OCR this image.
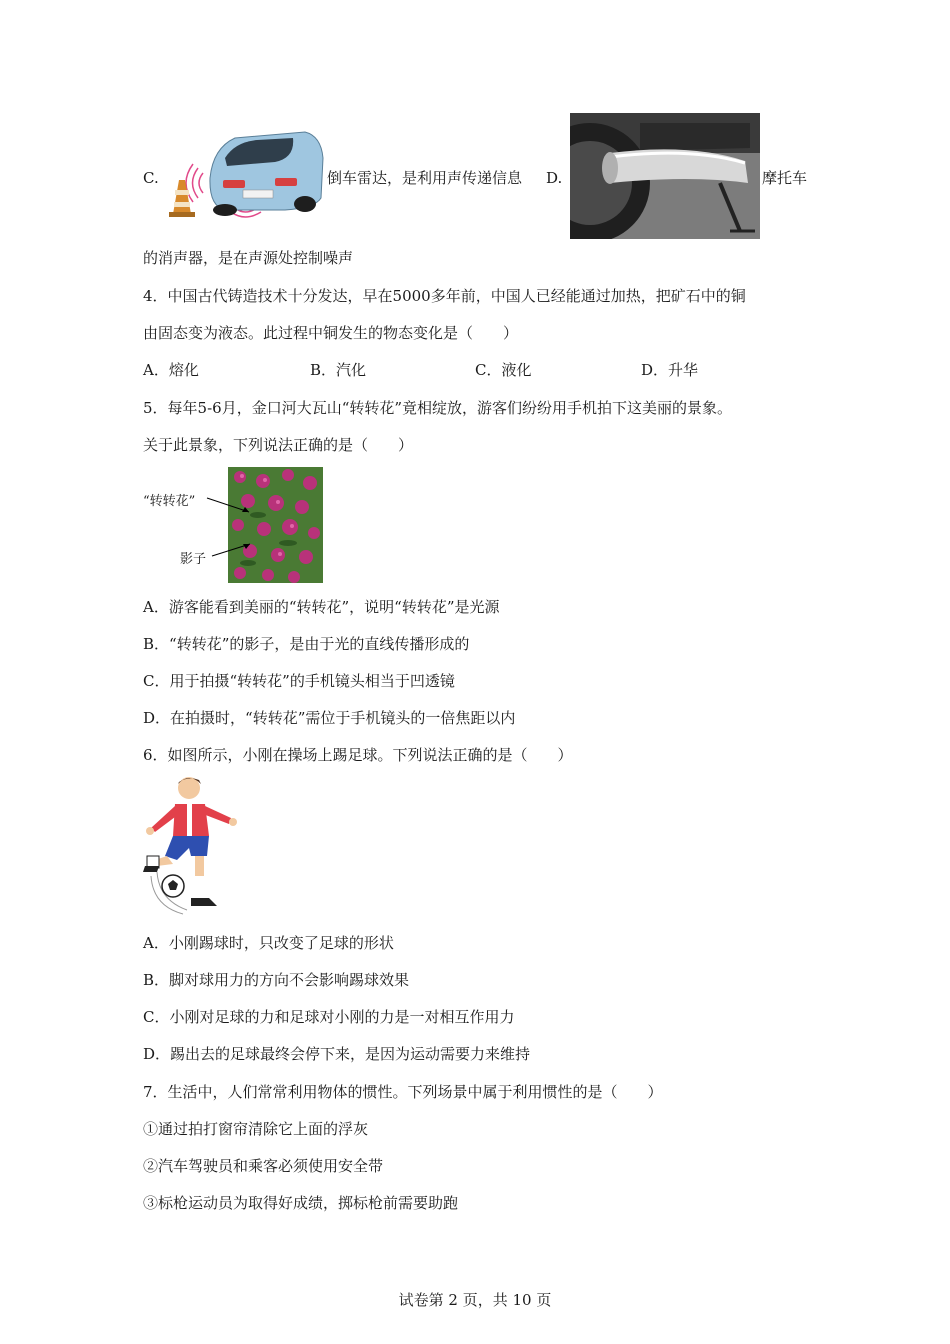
C.	倒车雷达，是利用声传递信息 D.	摩托车
的消声器，是在声源处控制噪声
4．中国古代铸造技术十分发达，早在5000多年前，中国人已经能通过加热，把矿石中的铜
由固态变为液态。此过程中铜发生的物态变化是（　　）
A．熔化	B．汽化	C．液化	D．升华
5．每年5-6月，金口河大瓦山“转转花”竟相绽放，游客们纷纷用手机拍下这美丽的景象。
关于此景象，下列说法正确的是（　　）
“转转花”
影子
A．游客能看到美丽的“转转花”，说明“转转花”是光源
B．“转转花”的影子，是由于光的直线传播形成的
C．用于拍摄“转转花”的手机镜头相当于凹透镜
D．在拍摄时，“转转花”需位于手机镜头的一倍焦距以内
6．如图所示，小刚在操场上踢足球。下列说法正确的是（　　）
A．小刚踢球时，只改变了足球的形状
B．脚对球用力的方向不会影响踢球效果
C．小刚对足球的力和足球对小刚的力是一对相互作用力
D．踢出去的足球最终会停下来，是因为运动需要力来维持
7．生活中，人们常常利用物体的惯性。下列场景中属于利用惯性的是（　　）
①通过拍打窗帘清除它上面的浮灰
②汽车驾驶员和乘客必须使用安全带
③标枪运动员为取得好成绩，掷标枪前需要助跑
试卷第 2 页，共 10 页
